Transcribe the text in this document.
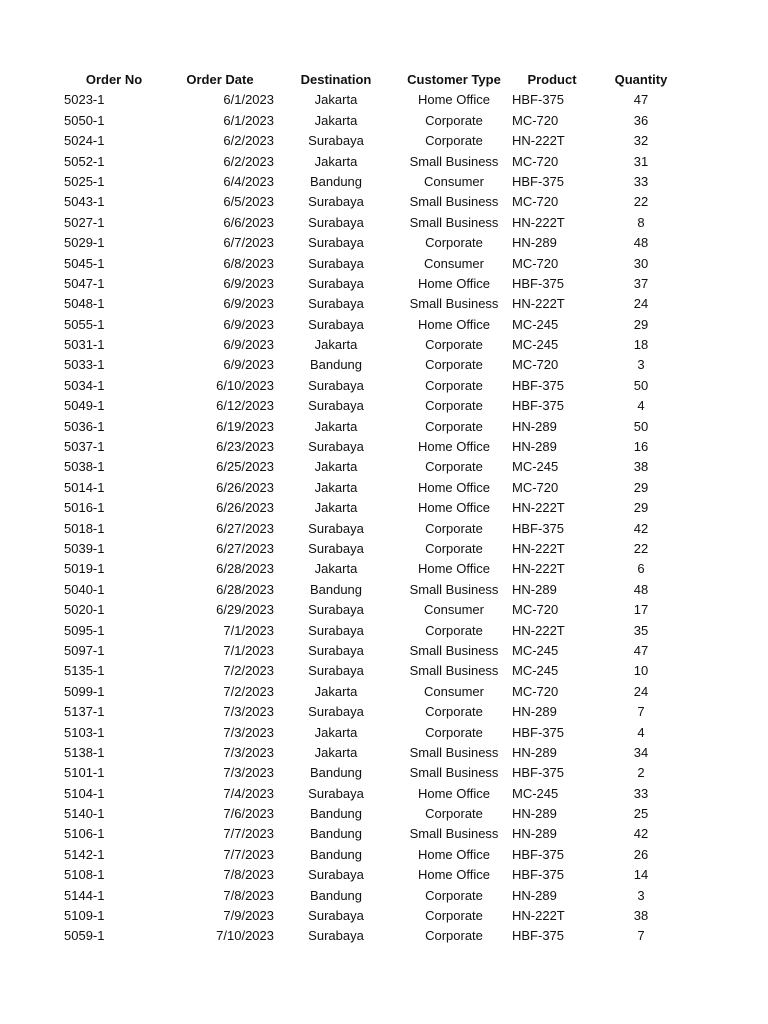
Order No	Order Date	Destination	Customer Type	Product	Quantity
5023-1	6/1/2023	Jakarta	Home Office	HBF-375	47
5050-1	6/1/2023	Jakarta	Corporate	MC-720	36
5024-1	6/2/2023	Surabaya	Corporate	HN-222T	32
5052-1	6/2/2023	Jakarta	Small Business	MC-720	31
5025-1	6/4/2023	Bandung	Consumer	HBF-375	33
5043-1	6/5/2023	Surabaya	Small Business	MC-720	22
5027-1	6/6/2023	Surabaya	Small Business	HN-222T	8
5029-1	6/7/2023	Surabaya	Corporate	HN-289	48
5045-1	6/8/2023	Surabaya	Consumer	MC-720	30
5047-1	6/9/2023	Surabaya	Home Office	HBF-375	37
5048-1	6/9/2023	Surabaya	Small Business	HN-222T	24
5055-1	6/9/2023	Surabaya	Home Office	MC-245	29
5031-1	6/9/2023	Jakarta	Corporate	MC-245	18
5033-1	6/9/2023	Bandung	Corporate	MC-720	3
5034-1	6/10/2023	Surabaya	Corporate	HBF-375	50
5049-1	6/12/2023	Surabaya	Corporate	HBF-375	4
5036-1	6/19/2023	Jakarta	Corporate	HN-289	50
5037-1	6/23/2023	Surabaya	Home Office	HN-289	16
5038-1	6/25/2023	Jakarta	Corporate	MC-245	38
5014-1	6/26/2023	Jakarta	Home Office	MC-720	29
5016-1	6/26/2023	Jakarta	Home Office	HN-222T	29
5018-1	6/27/2023	Surabaya	Corporate	HBF-375	42
5039-1	6/27/2023	Surabaya	Corporate	HN-222T	22
5019-1	6/28/2023	Jakarta	Home Office	HN-222T	6
5040-1	6/28/2023	Bandung	Small Business	HN-289	48
5020-1	6/29/2023	Surabaya	Consumer	MC-720	17
5095-1	7/1/2023	Surabaya	Corporate	HN-222T	35
5097-1	7/1/2023	Surabaya	Small Business	MC-245	47
5135-1	7/2/2023	Surabaya	Small Business	MC-245	10
5099-1	7/2/2023	Jakarta	Consumer	MC-720	24
5137-1	7/3/2023	Surabaya	Corporate	HN-289	7
5103-1	7/3/2023	Jakarta	Corporate	HBF-375	4
5138-1	7/3/2023	Jakarta	Small Business	HN-289	34
5101-1	7/3/2023	Bandung	Small Business	HBF-375	2
5104-1	7/4/2023	Surabaya	Home Office	MC-245	33
5140-1	7/6/2023	Bandung	Corporate	HN-289	25
5106-1	7/7/2023	Bandung	Small Business	HN-289	42
5142-1	7/7/2023	Bandung	Home Office	HBF-375	26
5108-1	7/8/2023	Surabaya	Home Office	HBF-375	14
5144-1	7/8/2023	Bandung	Corporate	HN-289	3
5109-1	7/9/2023	Surabaya	Corporate	HN-222T	38
5059-1	7/10/2023	Surabaya	Corporate	HBF-375	7
